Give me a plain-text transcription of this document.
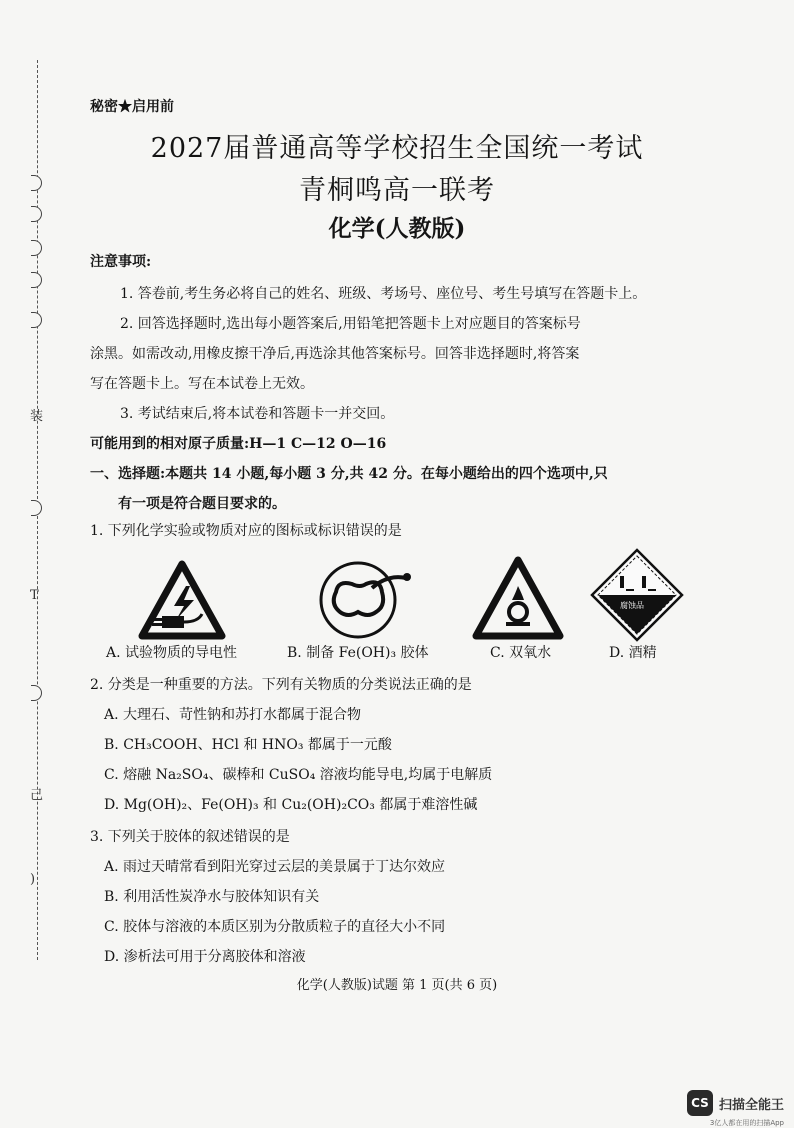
装
T
己
)
秘密★启用前
2027届普通高等学校招生全国统一考试
青桐鸣高一联考
化学(人教版)
注意事项:
1. 答卷前,考生务必将自己的姓名、班级、考场号、座位号、考生号填写在答题卡上。
2. 回答选择题时,选出每小题答案后,用铅笔把答题卡上对应题目的答案标号
涂黑。如需改动,用橡皮擦干净后,再选涂其他答案标号。回答非选择题时,将答案
写在答题卡上。写在本试卷上无效。
3. 考试结束后,将本试卷和答题卡一并交回。
可能用到的相对原子质量:H—1 C—12 O—16
一、选择题:本题共 14 小题,每小题 3 分,共 42 分。在每小题给出的四个选项中,只
有一项是符合题目要求的。
1. 下列化学实验或物质对应的图标或标识错误的是
腐蚀品
A. 试验物质的导电性	B. 制备 Fe(OH)₃ 胶体	C. 双氧水	D. 酒精
2. 分类是一种重要的方法。下列有关物质的分类说法正确的是
A. 大理石、苛性钠和苏打水都属于混合物
B. CH₃COOH、HCl 和 HNO₃ 都属于一元酸
C. 熔融 Na₂SO₄、碳棒和 CuSO₄ 溶液均能导电,均属于电解质
D. Mg(OH)₂、Fe(OH)₃ 和 Cu₂(OH)₂CO₃ 都属于难溶性碱
3. 下列关于胶体的叙述错误的是
A. 雨过天晴常看到阳光穿过云层的美景属于丁达尔效应
B. 利用活性炭净水与胶体知识有关
C. 胶体与溶液的本质区别为分散质粒子的直径大小不同
D. 渗析法可用于分离胶体和溶液
化学(人教版)试题 第 1 页(共 6 页)
CS 扫描全能王
3亿人都在用的扫描App
